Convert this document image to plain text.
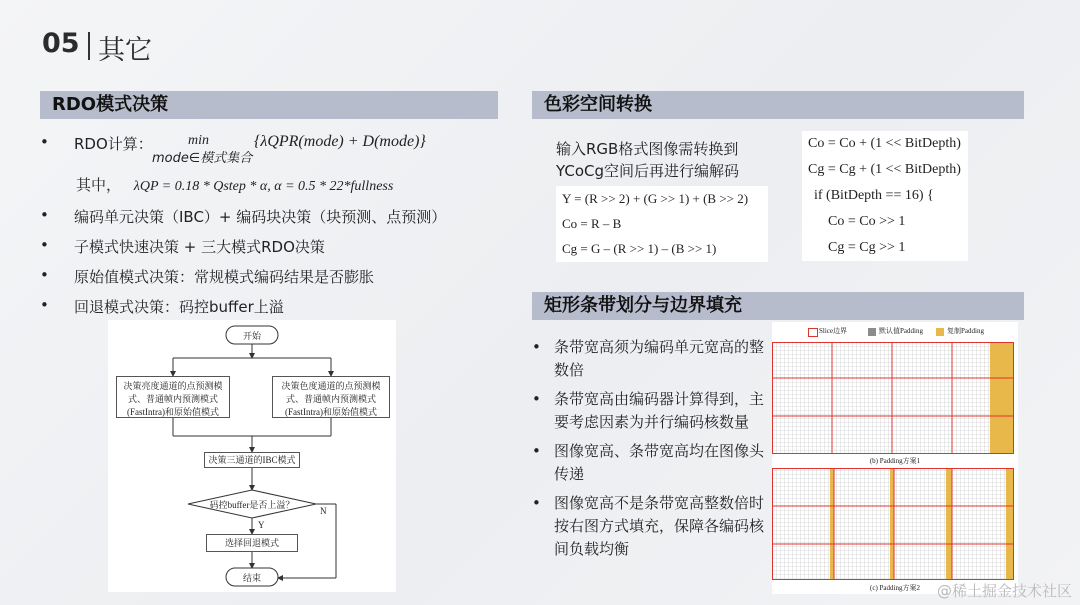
05 其它
RDO模式决策
• RDO计算：	min
mode∈模式集合
{λQPR(mode) + D(mode)}
其中， λQP = 0.18 * Qstep * α, α = 0.5 * 22*fullness
• 编码单元决策（IBC）+ 编码块决策（块预测、点预测）
• 子模式快速决策 + 三大模式RDO决策
• 原始值模式决策：常规模式编码结果是否膨胀
• 回退模式决策：码控buffer上溢
开始
决策亮度通道的点预测模式、普通帧内预测模式(FastIntra)和原始值模式
决策色度通道的点预测模式、普通帧内预测模式(FastIntra)和原始值模式
决策三通道的IBC模式
码控buffer是否上溢？
Y
N
选择回退模式
结束
色彩空间转换
输入RGB格式图像需转换到
YCoCg空间后再进行编解码
Y = (R >> 2) + (G >> 1) + (B >> 2)
Co = R – B
Cg = G – (R >> 1) – (B >> 1)
Co = Co + (1 << BitDepth)
Cg = Cg + (1 << BitDepth)
if (BitDepth == 16) {
Co = Co >> 1
Cg = Cg >> 1
矩形条带划分与边界填充
• 条带宽高须为编码单元宽高的整数倍
• 条带宽高由编码器计算得到，主要考虑因素为并行编码核数量
• 图像宽高、条带宽高均在图像头传递
• 图像宽高不是条带宽高整数倍时按右图方式填充，保障各编码核间负载均衡
Slice边界	默认值Padding	复制Padding
(b) Padding方案1
(c) Padding方案2	@稀土掘金技术社区
